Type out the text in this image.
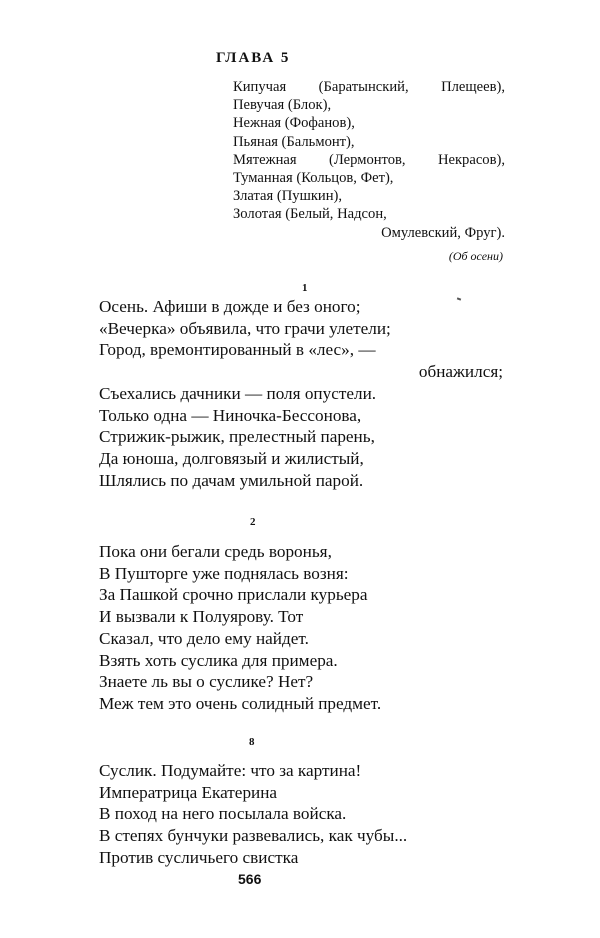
ГЛАВА 5
Кипучая (Баратынский, Плещеев),
Певучая (Блок),
Нежная (Фофанов),
Пьяная (Бальмонт),
Мятежная (Лермонтов, Некрасов),
Туманная (Кольцов, Фет),
Златая (Пушкин),
Золотая (Белый, Надсон,
Омулевский, Фруг).
(Об осени)
1
Осень. Афиши в дожде и без оного;
«Вечерка» объявила, что грачи улетели;
Город, времонтированный в «лес», —
обнажился;
Съехались дачники — поля опустели.
Только одна — Ниночка-Бессонова,
Стрижик-рыжик, прелестный парень,
Да юноша, долговязый и жилистый,
Шлялись по дачам умильной парой.
2
Пока они бегали средь воронья,
В Пушторге уже поднялась возня:
За Пашкой срочно прислали курьера
И вызвали к Полуярову. Тот
Сказал, что дело ему найдет.
Взять хоть суслика для примера.
Знаете ль вы о суслике? Нет?
Меж тем это очень солидный предмет.
8
Суслик. Подумайте: что за картина!
Императрица Екатерина
В поход на него посылала войска.
В степях бунчуки развевались, как чубы...
Против сусличьего свистка
566
